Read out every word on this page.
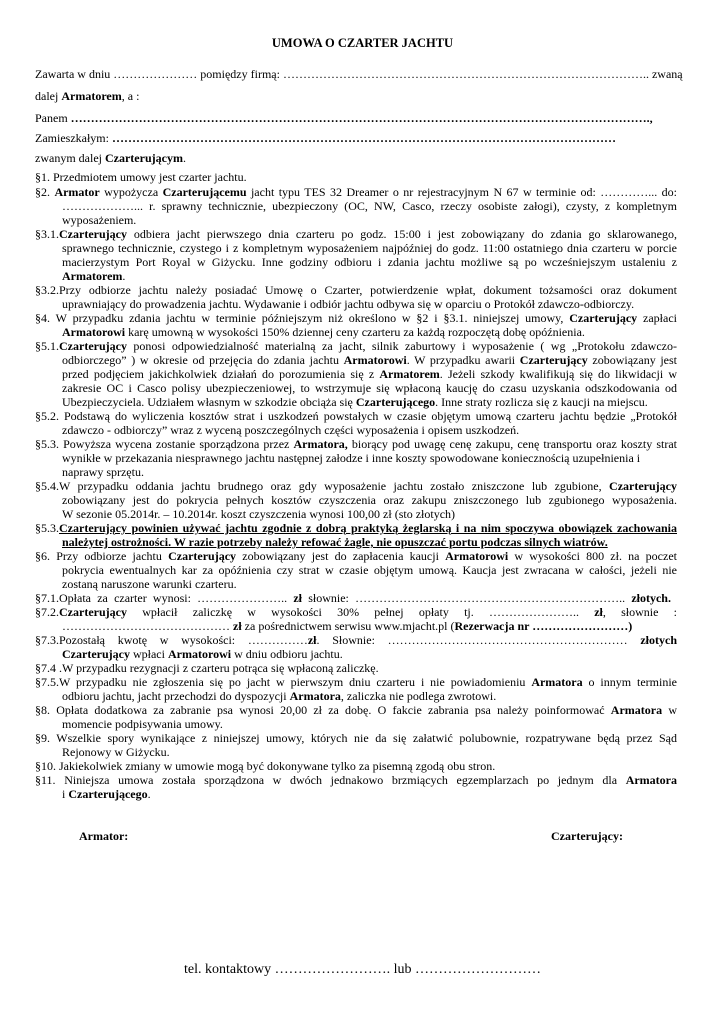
UMOWA O CZARTER JACHTU
Zawarta w dniu ………………… pomiędzy firmą: ……………………………………………………………………………….. zwaną
dalej Armatorem, a :
Panem ……………………………………………………………………………………………………………………………….,
Zamieszkałym: ………………………………………………………………………………………………………………
zwanym dalej Czarterującym.
§1. Przedmiotem umowy jest czarter jachtu.
§2. Armator wypożycza Czarterującemu jacht typu TES 32 Dreamer o nr rejestracyjnym N 67 w terminie od: …………... do:
………………... r. sprawny technicznie, ubezpieczony (OC, NW, Casco, rzeczy osobiste załogi), czysty, z kompletnym
wyposażeniem.
§3.1.Czarterujący odbiera jacht pierwszego dnia czarteru po godz. 15:00 i jest zobowiązany do zdania go sklarowanego,
sprawnego technicznie, czystego i z kompletnym wyposażeniem najpóźniej do godz. 11:00 ostatniego dnia czarteru w porcie
macierzystym Port Royal w Giżycku. Inne godziny odbioru i zdania jachtu możliwe są po wcześniejszym ustaleniu z
Armatorem.
§3.2.Przy odbiorze jachtu należy posiadać Umowę o Czarter, potwierdzenie wpłat, dokument tożsamości oraz dokument
uprawniający do prowadzenia jachtu. Wydawanie i odbiór jachtu odbywa się w oparciu o Protokół zdawczo-odbiorczy.
§4. W przypadku zdania jachtu w terminie późniejszym niż określono w §2 i §3.1. niniejszej umowy, Czarterujący zapłaci
Armatorowi karę umowną w wysokości 150% dziennej ceny czarteru za każdą rozpoczętą dobę opóźnienia.
§5.1.Czarterujący ponosi odpowiedzialność materialną za jacht, silnik zaburtowy i wyposażenie ( wg „Protokołu zdawczo-
odbiorczego” ) w okresie od przejęcia do zdania jachtu Armatorowi. W przypadku awarii Czarterujący zobowiązany jest
przed podjęciem jakichkolwiek działań do porozumienia się z Armatorem. Jeżeli szkody kwalifikują się do likwidacji w
zakresie OC i Casco polisy ubezpieczeniowej, to wstrzymuje się wpłaconą kaucję do czasu uzyskania odszkodowania od
Ubezpieczyciela. Udziałem własnym w szkodzie obciąża się Czarterującego. Inne straty rozlicza się z kaucji na miejscu.
§5.2. Podstawą do wyliczenia kosztów strat i uszkodzeń powstałych w czasie objętym umową czarteru jachtu będzie „Protokół
zdawczo - odbiorczy” wraz z wyceną poszczególnych części wyposażenia i opisem uszkodzeń.
§5.3. Powyższa wycena zostanie sporządzona przez Armatora, biorący pod uwagę cenę zakupu, cenę transportu oraz koszty strat
wynikłe w przekazania niesprawnego jachtu następnej załodze i inne koszty spowodowane koniecznością uzupełnienia i
naprawy sprzętu.
§5.4.W przypadku oddania jachtu brudnego oraz gdy wyposażenie jachtu zostało zniszczone lub zgubione, Czarterujący
zobowiązany jest do pokrycia pełnych kosztów czyszczenia oraz zakupu zniszczonego lub zgubionego wyposażenia.
W sezonie 05.2014r. – 10.2014r. koszt czyszczenia wynosi 100,00 zł (sto złotych)
§5.3.Czarterujący powinien używać jachtu zgodnie z dobrą praktyką żeglarską i na nim spoczywa obowiązek zachowania
należytej ostrożności. W razie potrzeby należy refować żagle, nie opuszczać portu podczas silnych wiatrów.
§6. Przy odbiorze jachtu Czarterujący zobowiązany jest do zapłacenia kaucji Armatorowi w wysokości 800 zł. na poczet
pokrycia ewentualnych kar za opóźnienia czy strat w czasie objętym umową. Kaucja jest zwracana w całości, jeżeli nie
zostaną naruszone warunki czarteru.
§7.1.Opłata za czarter wynosi: ………………….. zł słownie: ………………………………………………………….. złotych.
§7.2.Czarterujący wpłacił zaliczkę w wysokości 30% pełnej opłaty tj. ………………….. zł, słownie :
…………………………………… zł za pośrednictwem serwisu www.mjacht.pl (Rezerwacja nr ……………………)
§7.3.Pozostałą kwotę w wysokości: ……………zł. Słownie: …………………………………………………… złotych
Czarterujący wpłaci Armatorowi w dniu odbioru jachtu.
§7.4 .W przypadku rezygnacji z czarteru potrąca się wpłaconą zaliczkę.
§7.5.W przypadku nie zgłoszenia się po jacht w pierwszym dniu czarteru i nie powiadomieniu Armatora o innym terminie
odbioru jachtu, jacht przechodzi do dyspozycji Armatora, zaliczka nie podlega zwrotowi.
§8. Opłata dodatkowa za zabranie psa wynosi 20,00 zł za dobę. O fakcie zabrania psa należy poinformować Armatora w
momencie podpisywania umowy.
§9. Wszelkie spory wynikające z niniejszej umowy, których nie da się załatwić polubownie, rozpatrywane będą przez Sąd
Rejonowy w Giżycku.
§10. Jakiekolwiek zmiany w umowie mogą być dokonywane tylko za pisemną zgodą obu stron.
§11. Niniejsza umowa została sporządzona w dwóch jednakowo brzmiących egzemplarzach po jednym dla Armatora
i Czarterującego.
Armator:	Czarterujący:
tel. kontaktowy ……………………. lub ………………………
